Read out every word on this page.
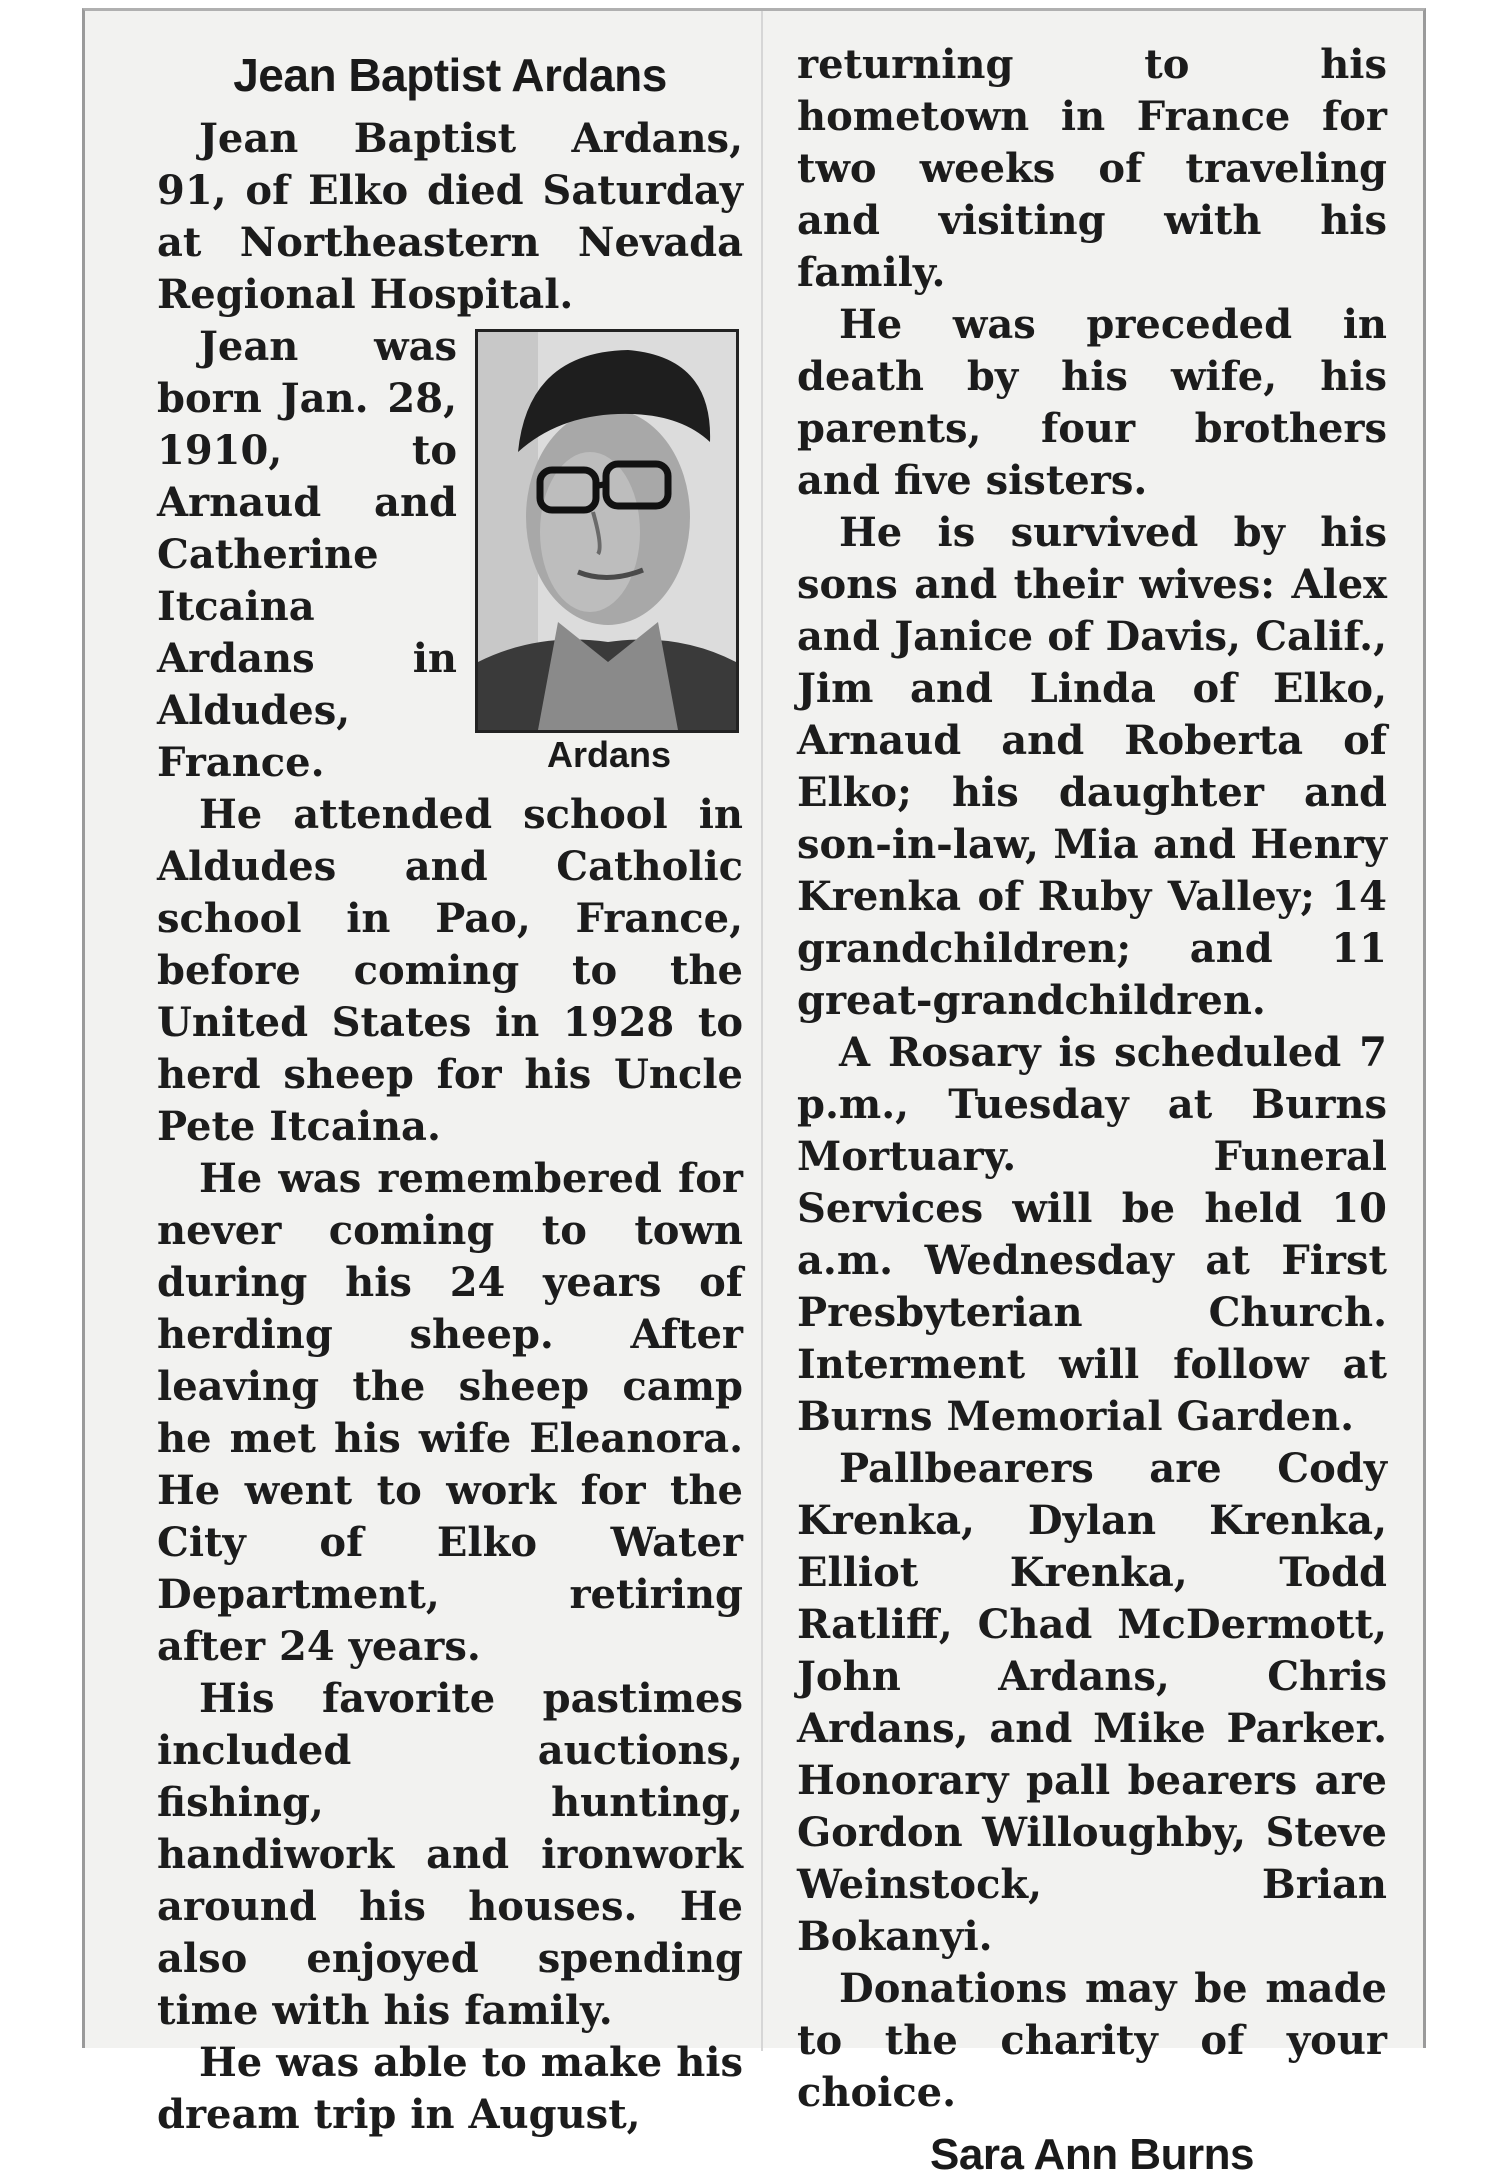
Jean Baptist Ardans

Jean Baptist Ardans, 91, of Elko died Saturday at Northeastern Nevada Regional Hospital.

Ardans

Jean was born Jan. 28, 1910, to Arnaud and Catherine Itcaina Ardans in Aldudes, France.

He attended school in Aldudes and Catholic school in Pao, France, before coming to the United States in 1928 to herd sheep for his Uncle Pete Itcaina.

He was remembered for never coming to town during his 24 years of herding sheep. After leaving the sheep camp he met his wife Eleanora. He went to work for the City of Elko Water Department, retiring after 24 years.

His favorite pastimes included auctions, fishing, hunting, handiwork and ironwork around his houses. He also enjoyed spending time with his family.

He was able to make his dream trip in August,

returning to his hometown in France for two weeks of traveling and visiting with his family.

He was preceded in death by his wife, his parents, four brothers and five sisters.

He is survived by his sons and their wives: Alex and Janice of Davis, Calif., Jim and Linda of Elko, Arnaud and Roberta of Elko; his daughter and son-in-law, Mia and Henry Krenka of Ruby Valley; 14 grandchildren; and 11 great-grandchildren.

A Rosary is scheduled 7 p.m., Tuesday at Burns Mortuary. Funeral Services will be held 10 a.m. Wednesday at First Presbyterian Church. Interment will follow at Burns Memorial Garden.

Pallbearers are Cody Krenka, Dylan Krenka, Elliot Krenka, Todd Ratliff, Chad McDermott, John Ardans, Chris Ardans, and Mike Parker. Honorary pall bearers are Gordon Willoughby, Steve Weinstock, Brian Bokanyi.

Donations may be made to the charity of your choice.

Sara Ann Burns
